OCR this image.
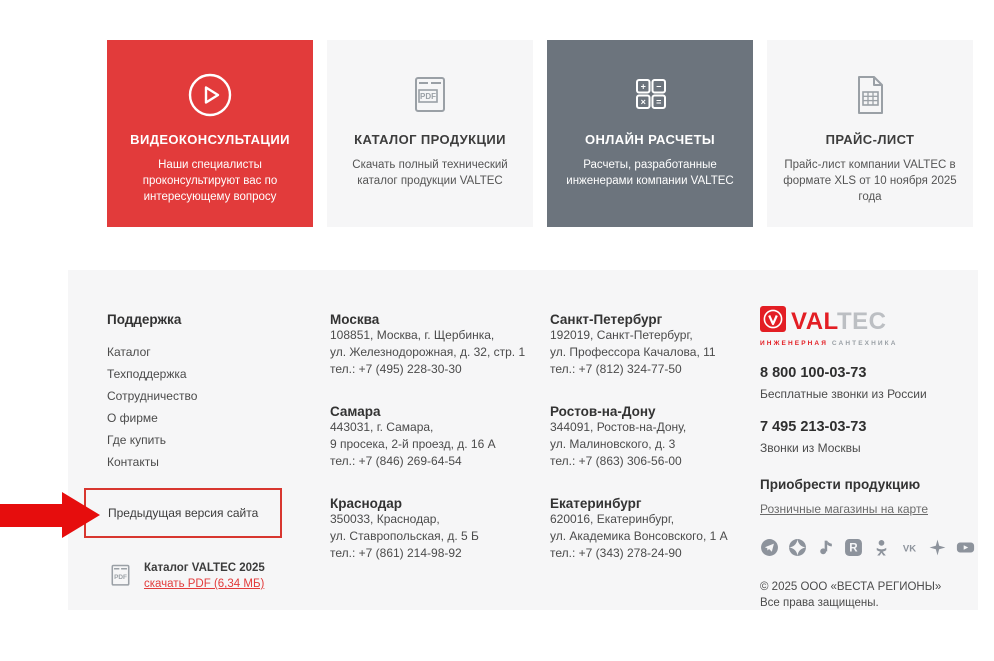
ВИДЕОКОНСУЛЬТАЦИИ
Наши специалисты проконсультируют вас по интересующему вопросу
PDF
КАТАЛОГ ПРОДУКЦИИ
Скачать полный технический каталог продукции VALTEC
+ −
× =
ОНЛАЙН РАСЧЕТЫ
Расчеты, разработанные инженерами компании VALTEC
ПРАЙС-ЛИСТ
Прайс-лист компании VALTEC в формате XLS от 10 ноября 2025 года
Поддержка
Каталог
Техподдержка
Сотрудничество
О фирме
Где купить
Контакты
Предыдущая версия сайта
PDF
Каталог VALTEC 2025
скачать PDF (6,34 МБ)
Москва
108851, Москва, г. Щербинка,
ул. Железнодорожная, д. 32, стр. 1
тел.: +7 (495) 228-30-30
Самара
443031, г. Самара,
9 просека, 2-й проезд, д. 16 А
тел.: +7 (846) 269-64-54
Краснодар
350033, Краснодар,
ул. Ставропольская, д. 5 Б
тел.: +7 (861) 214-98-92
Санкт-Петербург
192019, Санкт-Петербург,
ул. Профессора Качалова, 11
тел.: +7 (812) 324-77-50
Ростов-на-Дону
344091, Ростов-на-Дону,
ул. Малиновского, д. 3
тел.: +7 (863) 306-56-00
Екатеринбург
620016, Екатеринбург,
ул. Академика Вонсовского, 1 А
тел.: +7 (343) 278-24-90
VALTEC
ИНЖЕНЕРНАЯ САНТЕХНИКА
8 800 100-03-73
Бесплатные звонки из России
7 495 213-03-73
Звонки из Москвы
Приобрести продукцию
Розничные магазины на карте
R	VK
© 2025 ООО «ВЕСТА РЕГИОНЫ»
Все права защищены.
